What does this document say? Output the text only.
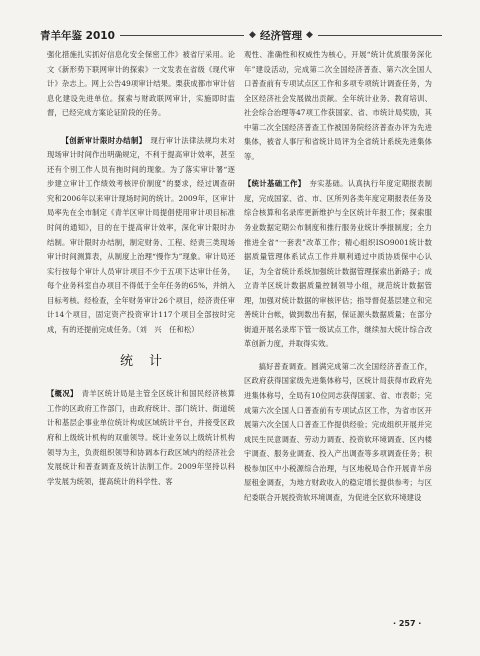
青羊年鉴 2010	◆ 经济管理 ◆

强化措施扎实抓好信息化安全保密工作》被省厅采用。论文《新形势下联网审计的探索》一文发表在省级《现代审计》杂志上。网上公告49项审计结果。栗获成都市审计信息化建设先进单位。探索与财政联网审计，实施即时监督，已经完成方案论证阶段的任务。

【创新审计限时办结制】　 现行审计法律法规均未对现场审计时间作出明确规定，不利于提高审计效率，甚至还有个别工作人员有拖时间的现象。为了落实审计署“逐步建立审计工作绩效考核评价制度”的要求，经过调查研究和2006年以来审计现场时间的统计。2009年，区审计局率先在全市制定《青羊区审计局提倡使用审计项目标准时间的通知》，目的在于提高审计效率，深化审计限时办结制。审计限时办结制，制定财务、工程、经责三类现场审计时间测算表，从制度上治理“慢作为”现象。审计局还实行按每个审计人员审计项目不少于五项下达审计任务，每个业务科室自办项目不得低于全年任务的65%，并纳入目标考核。经检查，全年财务审计26个项目，经济责任审计14个项目，固定资产投资审计117个项目全部按时完成，有的还提前完成任务。（刘　兴　任和松）

统计

【概况】　 青羊区统计局是主管全区统计和国民经济核算工作的区政府工作部门，由政府统计、部门统计、街道统计和基层企事业单位统计构成区域统计平台，并接受区政府和上级统计机构的双重领导。统计业务以上级统计机构领导为主，负责组织领导和协调本行政区域内的经济社会发展统计和普查调查及统计法制工作。2009年坚持以科学发展为统领，提高统计的科学性、客

观性、准确性和权威性为核心，开展“统计优质服务深化年”建设活动，完成第二次全国经济普查、第六次全国人口普查前有专项试点区工作和多项专项统计调查任务，为全区经济社会发展做出贡献。全年统计业务、教育培训、社会综合治理等47项工作获国家、省、市统计局奖励，其中第二次全国经济普查工作被国务院经济普查办评为先进集体，被省人事厅和省统计局评为全省统计系统先进集体等。

【统计基础工作】　 夯实基础。认真执行年度定期报表制度，完成国家、省、市、区所列各类年度定期报表任务及综合核算和名录库更新维护与全区统计年报工作；探索服务业数据定期公布制度和推行服务业统计季报制度；全力推进全省“一套表”改革工作；精心组织ISO9001统计数据质量管理体系试点工作并顺利通过中质协质保中心认证，为全省统计系统加强统计数据管理探索出新路子；成立青羊区统计数据质量控制领导小组，规范统计数据管理，加强对统计数据的审核评估；指导督促基层建立和完善统计台帐，做到数出有据，保证源头数据质量；在部分街道开展名录库下管一级试点工作，继续加大统计综合改革创新力度，并取得实效。

搞好普查调查。圆满完成第二次全国经济普查工作，区政府获得国家级先进集体称号，区统计局获得市政府先进集体称号，全局有10位同志获得国家、省、市表彰；完成第六次全国人口普查前有专项试点区工作，为省市区开展第六次全国人口普查工作提供经验；完成组织开展并完成民生民意调查、劳动力调查、投资软环境调查、区内楼宇调查、服务业调查、投入产出调查等多项调查任务；积极参加区中小税源综合治理，与区地税局合作开展青羊房屋租金调查，为地方财政收入的稳定增长提供参考；与区纪委联合开展投资软环境调查，为促进全区软环境建设

· 257 ·
